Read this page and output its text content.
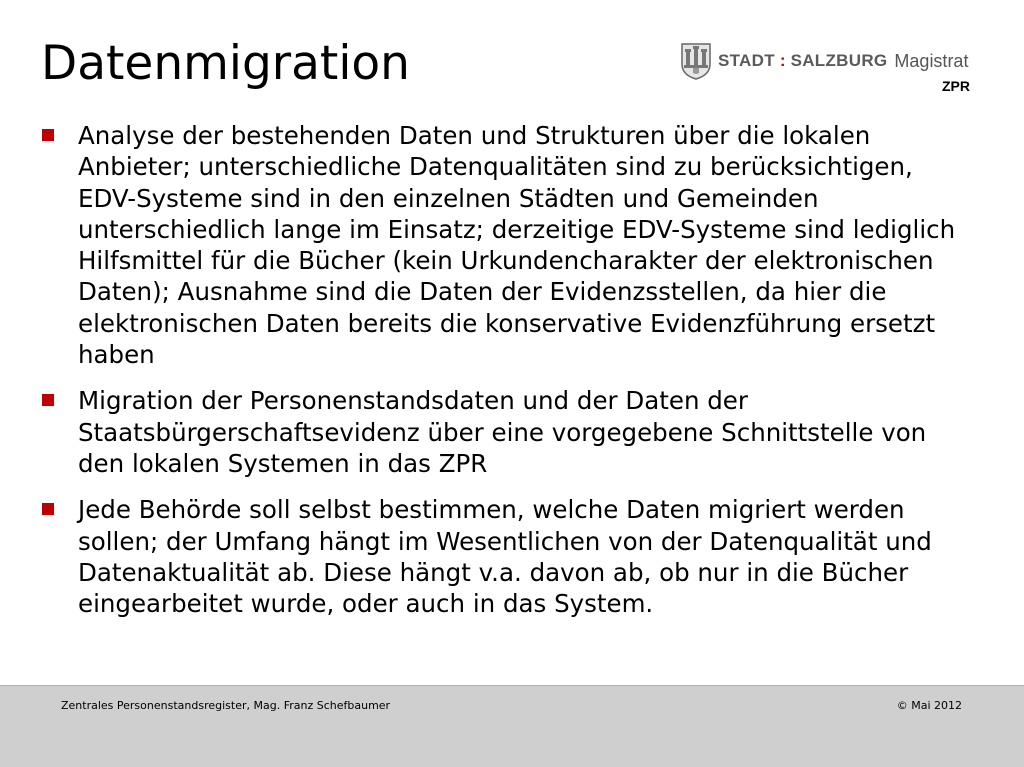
Datenmigration	STADT : SALZBURG Magistrat
ZPR
Analyse der bestehenden Daten und Strukturen über die lokalen Anbieter; unterschiedliche Datenqualitäten sind zu berücksichtigen, EDV-Systeme sind in den einzelnen Städten und Gemeinden unterschiedlich lange im Einsatz; derzeitige EDV-Systeme sind lediglich Hilfsmittel für die Bücher (kein Urkundencharakter der elektronischen Daten); Ausnahme sind die Daten der Evidenzsstellen, da hier die elektronischen Daten bereits die konservative Evidenzführung ersetzt haben
Migration der Personenstandsdaten und der Daten der Staatsbürgerschaftsevidenz über eine vorgegebene Schnittstelle von den lokalen Systemen in das ZPR
Jede Behörde soll selbst bestimmen, welche Daten migriert werden sollen; der Umfang hängt im Wesentlichen von der Datenqualität und Datenaktualität ab. Diese hängt v.a. davon ab, ob nur in die Bücher eingearbeitet wurde, oder auch in das System.
Zentrales Personenstandsregister, Mag. Franz Schefbaumer	© Mai 2012
